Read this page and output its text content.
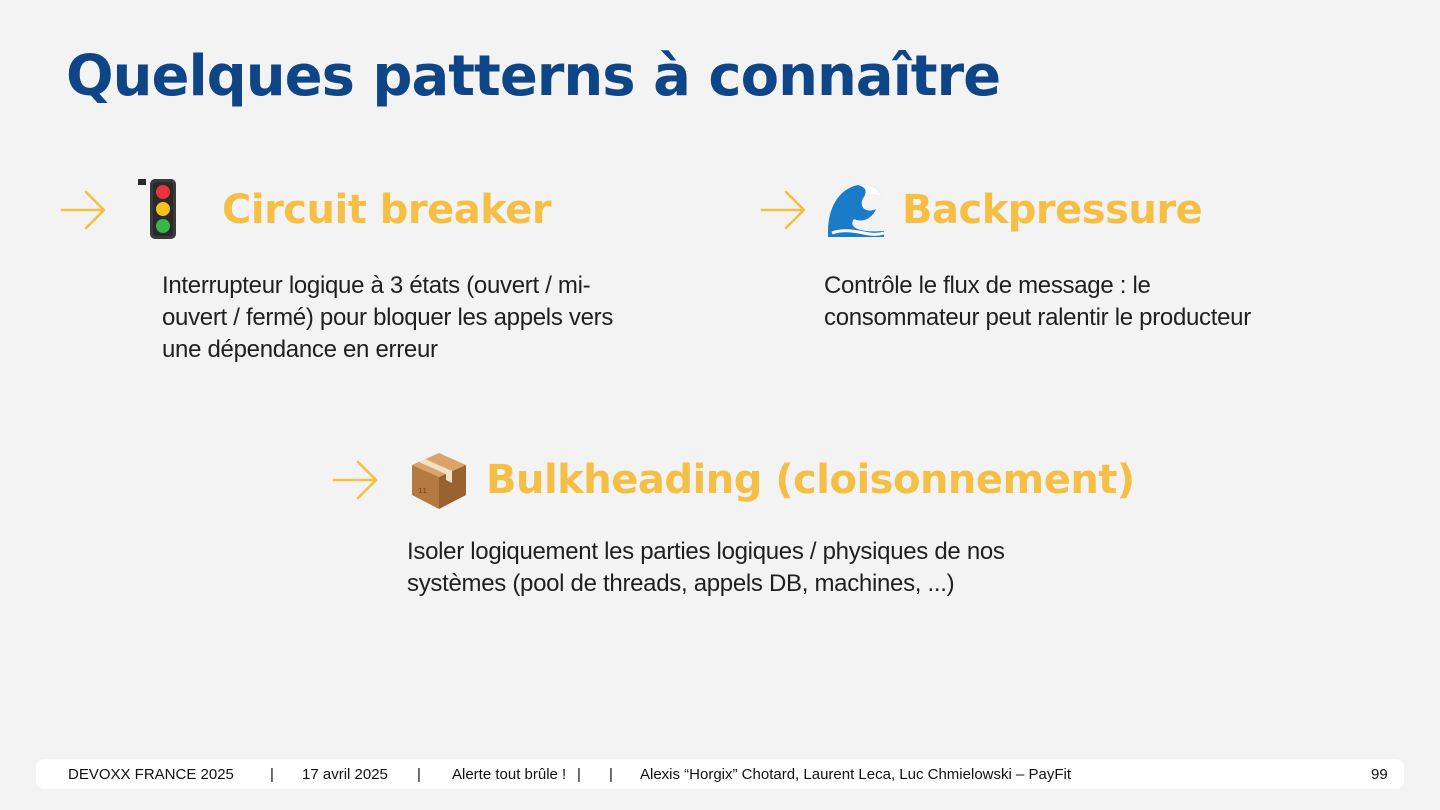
Quelques patterns à connaître
Circuit breaker

Interrupteur logique à 3 états (ouvert / mi-ouvert / fermé) pour bloquer les appels vers une dépendance en erreur

Backpressure

Contrôle le flux de message : le consommateur peut ralentir le producteur

11 Bulkheading (cloisonnement)

Isoler logiquement les parties logiques / physiques de nos systèmes (pool de threads, appels DB, machines, ...)

DEVOXX FRANCE 2025 | 17 avril 2025 | Alerte tout brûle ! | | Alexis “Horgix” Chotard, Laurent Leca, Luc Chmielowski – PayFit	99
